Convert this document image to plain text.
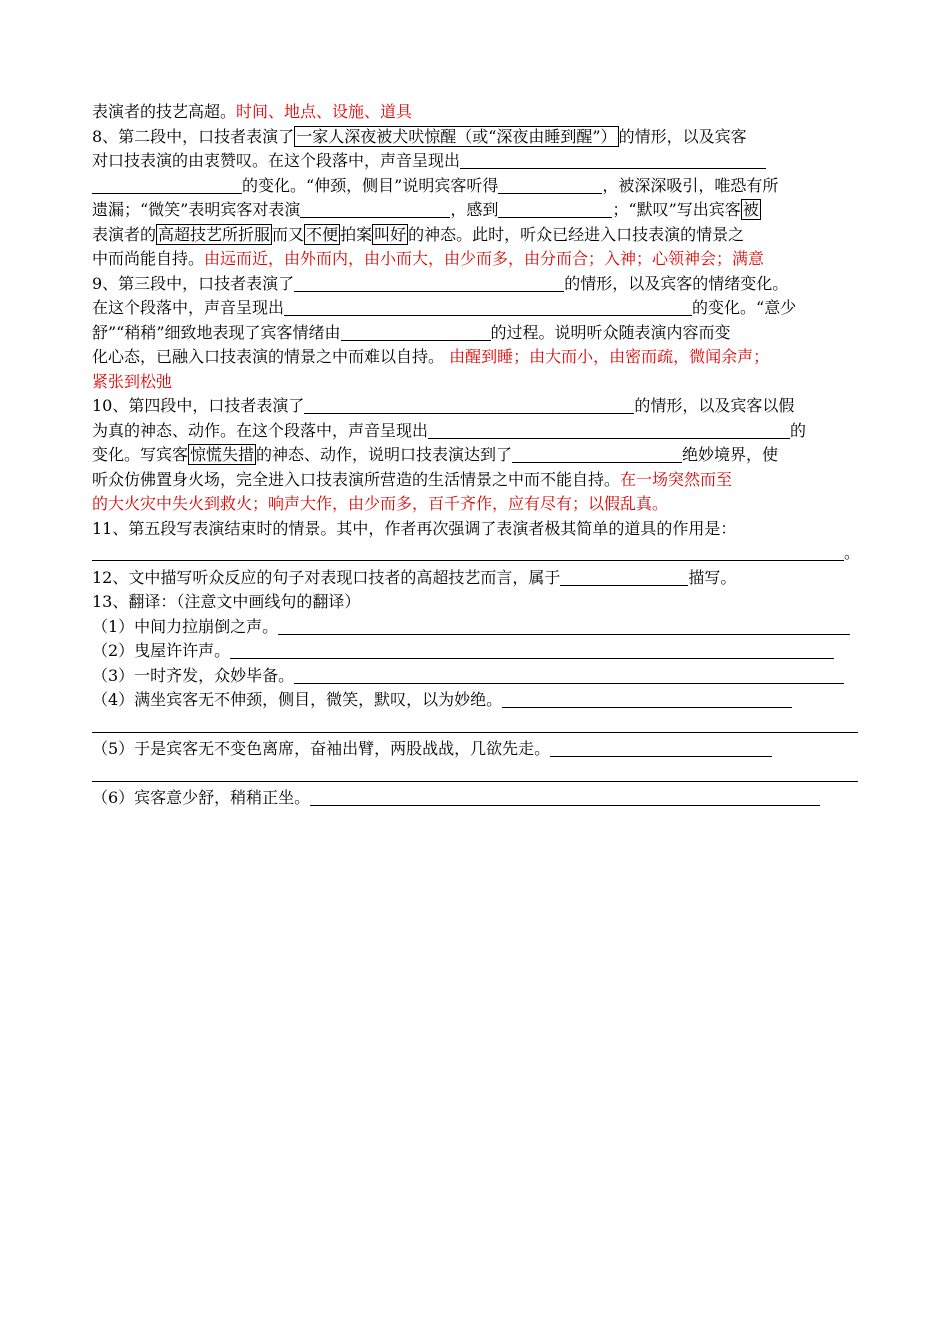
表演者的技艺高超。时间、地点、设施、道具
8、第二段中，口技者表演了 一家人深夜被犬吠惊醒（或“深夜由睡到醒”） 的情形，以及宾客
对口技表演的由衷赞叹。在这个段落中，声音呈现出
的变化。“伸颈，侧目”说明宾客听得	，被深深吸引，唯恐有所
遗漏；“微笑”表明宾客对表演	，感到	；“默叹”写出宾客 被
表演者的 高超技艺所折服 而又 不便 拍案 叫好 的神态。此时，听众已经进入口技表演的情景之
中而尚能自持。由远而近，由外而内，由小而大，由少而多，由分而合；入神；心领神会；满意
9、第三段中，口技者表演了	的情形，以及宾客的情绪变化。
在这个段落中，声音呈现出	的变化。“意少
舒”“稍稍”细致地表现了宾客情绪由	的过程。说明听众随表演内容而变
化心态，已融入口技表演的情景之中而难以自持。 由醒到睡；由大而小，由密而疏，微闻余声；
紧张到松弛
10、第四段中，口技者表演了	的情形，以及宾客以假
为真的神态、动作。在这个段落中，声音呈现出	的
变化。写宾客 惊慌失措 的神态、动作，说明口技表演达到了	绝妙境界，使
听众仿佛置身火场，完全进入口技表演所营造的生活情景之中而不能自持。在一场突然而至
的大火灾中失火到救火；响声大作，由少而多，百千齐作，应有尽有；以假乱真。
11、第五段写表演结束时的情景。其中，作者再次强调了表演者极其简单的道具的作用是：
。
12、文中描写听众反应的句子对表现口技者的高超技艺而言，属于	描写。
13、翻译：（注意文中画线句的翻译）
（1）中间力拉崩倒之声。
（2）曳屋许许声。
（3）一时齐发，众妙毕备。
（4）满坐宾客无不伸颈，侧目，微笑，默叹，以为妙绝。
（5）于是宾客无不变色离席，奋袖出臂，两股战战，几欲先走。
（6）宾客意少舒，稍稍正坐。
